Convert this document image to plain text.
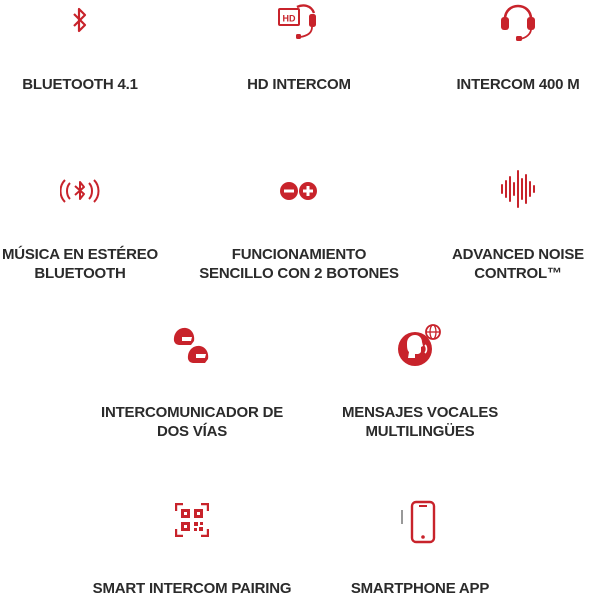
BLUETOOTH 4.1
HD
HD INTERCOM	INTERCOM 400 M
MÚSICA EN ESTÉREO
BLUETOOTH
FUNCIONAMIENTO
SENCILLO CON 2 BOTONES
ADVANCED NOISE
CONTROL™
INTERCOMUNICADOR DE
DOS VÍAS
MENSAJES VOCALES
MULTILINGÜES
SMART INTERCOM PAIRING	SMARTPHONE APP
